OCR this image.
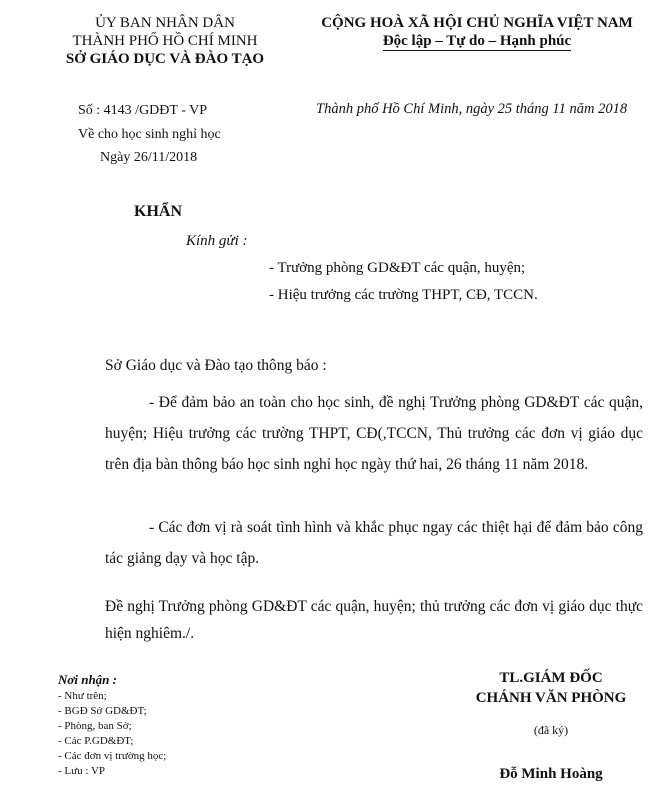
ỦY BAN NHÂN DÂN
THÀNH PHỐ HỒ CHÍ MINH
SỞ GIÁO DỤC VÀ ĐÀO TẠO
CỘNG HOÀ XÃ HỘI CHỦ NGHĨA VIỆT NAM
Độc lập – Tự do – Hạnh phúc
Số : 4143 /GDĐT - VP	Thành phố Hồ Chí Minh, ngày 25 tháng 11 năm 2018
Về cho học sinh nghỉ học
Ngày 26/11/2018
KHẨN
Kính gửi :
- Trưởng phòng GD&ĐT các quận, huyện;
- Hiệu trưởng các trường THPT, CĐ, TCCN.
Sở Giáo dục và Đào tạo thông báo :
- Để đảm bảo an toàn cho học sinh, đề nghị Trưởng phòng GD&ĐT các quận, huyện; Hiệu trưởng các trường THPT, CĐ(,TCCN, Thủ trưởng các đơn vị giáo dục trên địa bàn thông báo học sinh nghỉ học ngày thứ hai, 26 tháng 11 năm 2018.
- Các đơn vị rà soát tình hình và khắc phục ngay các thiệt hại để đảm bảo công tác giảng dạy và học tập.
Đề nghị Trưởng phòng GD&ĐT các quận, huyện; thủ trưởng các đơn vị giáo dục thực hiện nghiêm./.
Nơi nhận :
- Như trên;
- BGĐ Sở GD&ĐT;
- Phòng, ban Sở;
- Các P.GD&ĐT;
- Các đơn vị trường học;
- Lưu : VP
TL.GIÁM ĐỐC
CHÁNH VĂN PHÒNG
(đã ký)
Đỗ Minh Hoàng
